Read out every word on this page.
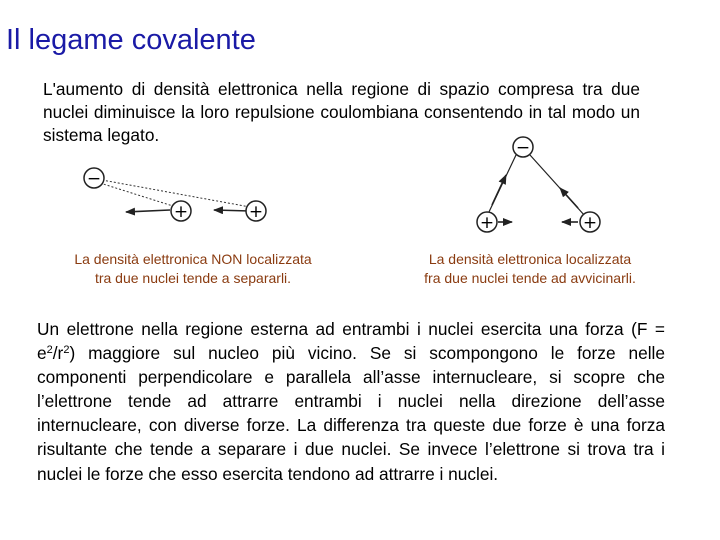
Il legame covalente
L'aumento di densità elettronica nella regione di spazio compresa tra due nuclei diminuisce la loro repulsione coulombiana consentendo in tal modo un sistema legato.
−
+	+
−
+	+
La densità elettronica NON localizzata
tra due nuclei tende a separarli.
La densità elettronica localizzata
fra due nuclei tende ad avvicinarli.
Un elettrone nella regione esterna ad entrambi i nuclei esercita una forza $(F = e^2/r^2)$ maggiore sul nucleo più vicino. Se si scompongono le forze nelle componenti perpendicolare e parallela all’asse internucleare, si scopre che l’elettrone tende ad attrarre entrambi i nuclei nella direzione dell’asse internucleare, con diverse forze. La differenza tra queste due forze è una forza risultante che tende a separare i due nuclei. Se invece l’elettrone si trova tra i nuclei le forze che esso esercita tendono ad attrarre i nuclei.
